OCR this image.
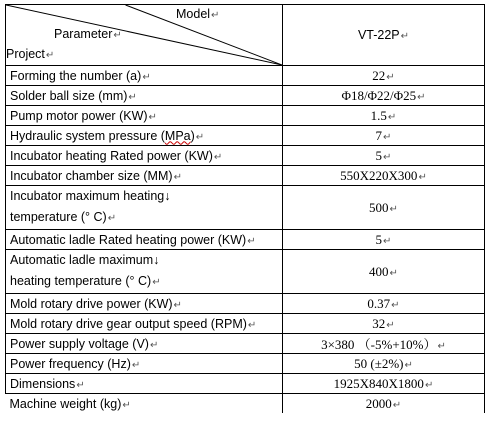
Model↵
Parameter↵
Project↵	VT-22P↵
Forming the number (a)↵	22↵
Solder ball size (mm)↵	Φ18/Φ22/Φ25↵
Pump motor power (KW)↵	1.5↵
Hydraulic system pressure (MPa)↵	7↵
Incubator heating Rated power (KW)↵	5↵
Incubator chamber size (MM)↵	550X220X300↵
Incubator maximum heating↓
temperature (° C)↵	500↵
Automatic ladle Rated heating power (KW)↵	5↵
Automatic ladle maximum↓
heating temperature (° C)↵	400↵
Mold rotary drive power (KW)↵	0.37↵
Mold rotary drive gear output speed (RPM)↵	32↵
Power supply voltage (V)↵	3×380 （-5%+10%）↵
Power frequency (Hz)↵	50 (±2%)↵
Dimensions↵	1925X840X1800↵
Machine weight (kg)↵	2000↵
